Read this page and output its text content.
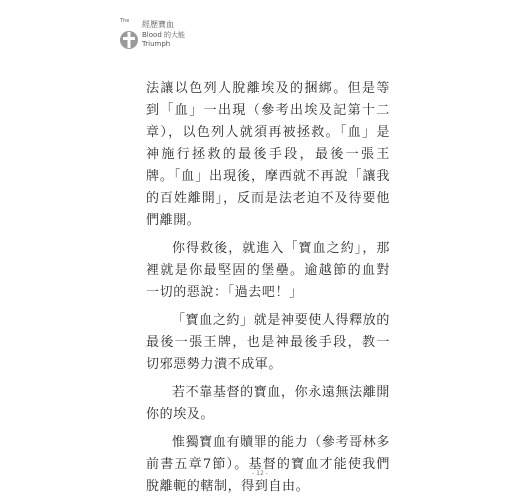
The 經歷寶血
Blood 的大能
Triumph

法讓以色列人脫離埃及的捆綁。但是等到「血」一出現（參考出埃及記第十二章），以色列人就須再被拯救。「血」是神施行拯救的最後手段，最後一張王牌。「血」出現後，摩西就不再說「讓我的百姓離開」，反而是法老迫不及待要他們離開。

你得救後，就進入「寶血之約」，那裡就是你最堅固的堡壘。逾越節的血對一切的惡說：「過去吧！」

「寶血之約」就是神要使人得釋放的最後一張王牌，也是神最後手段，教一切邪惡勢力潰不成軍。

若不靠基督的寶血，你永遠無法離開你的埃及。

惟獨寶血有贖罪的能力（參考哥林多前書五章7節）。基督的寶血才能使我們脫離軛的轄制，得到自由。

- 12 -
